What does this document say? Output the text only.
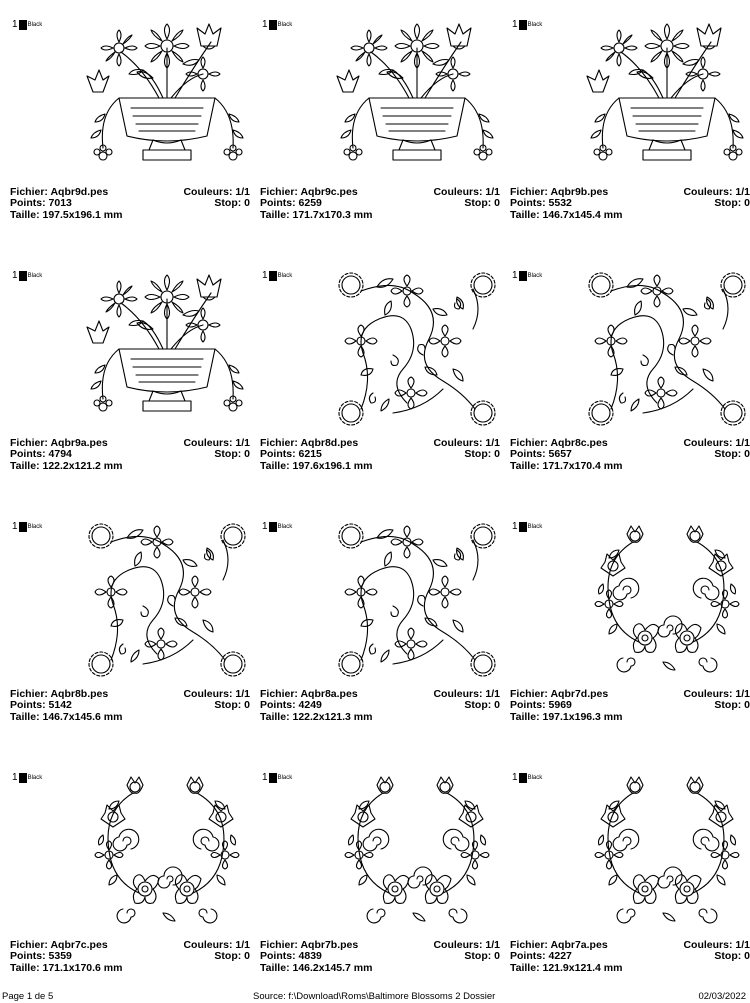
1 Black
Fichier: Aqbr9d.pes	Couleurs: 1/1
Points: 7013	Stop: 0
Taille: 197.5x196.1 mm
1 Black
Fichier: Aqbr9c.pes	Couleurs: 1/1
Points: 6259	Stop: 0
Taille: 171.7x170.3 mm
1 Black
Fichier: Aqbr9b.pes	Couleurs: 1/1
Points: 5532	Stop: 0
Taille: 146.7x145.4 mm
1 Black
Fichier: Aqbr9a.pes	Couleurs: 1/1
Points: 4794	Stop: 0
Taille: 122.2x121.2 mm
1 Black
Fichier: Aqbr8d.pes	Couleurs: 1/1
Points: 6215	Stop: 0
Taille: 197.6x196.1 mm
1 Black
Fichier: Aqbr8c.pes	Couleurs: 1/1
Points: 5657	Stop: 0
Taille: 171.7x170.4 mm
1 Black
Fichier: Aqbr8b.pes	Couleurs: 1/1
Points: 5142	Stop: 0
Taille: 146.7x145.6 mm
1 Black
Fichier: Aqbr8a.pes	Couleurs: 1/1
Points: 4249	Stop: 0
Taille: 122.2x121.3 mm
1 Black
Fichier: Aqbr7d.pes	Couleurs: 1/1
Points: 5969	Stop: 0
Taille: 197.1x196.3 mm
1 Black
Fichier: Aqbr7c.pes	Couleurs: 1/1
Points: 5359	Stop: 0
Taille: 171.1x170.6 mm
1 Black
Fichier: Aqbr7b.pes	Couleurs: 1/1
Points: 4839	Stop: 0
Taille: 146.2x145.7 mm
1 Black
Fichier: Aqbr7a.pes	Couleurs: 1/1
Points: 4227	Stop: 0
Taille: 121.9x121.4 mm
Page 1 de 5	Source: f:\Download\Roms\Baltimore Blossoms 2 Dossier	02/03/2022
